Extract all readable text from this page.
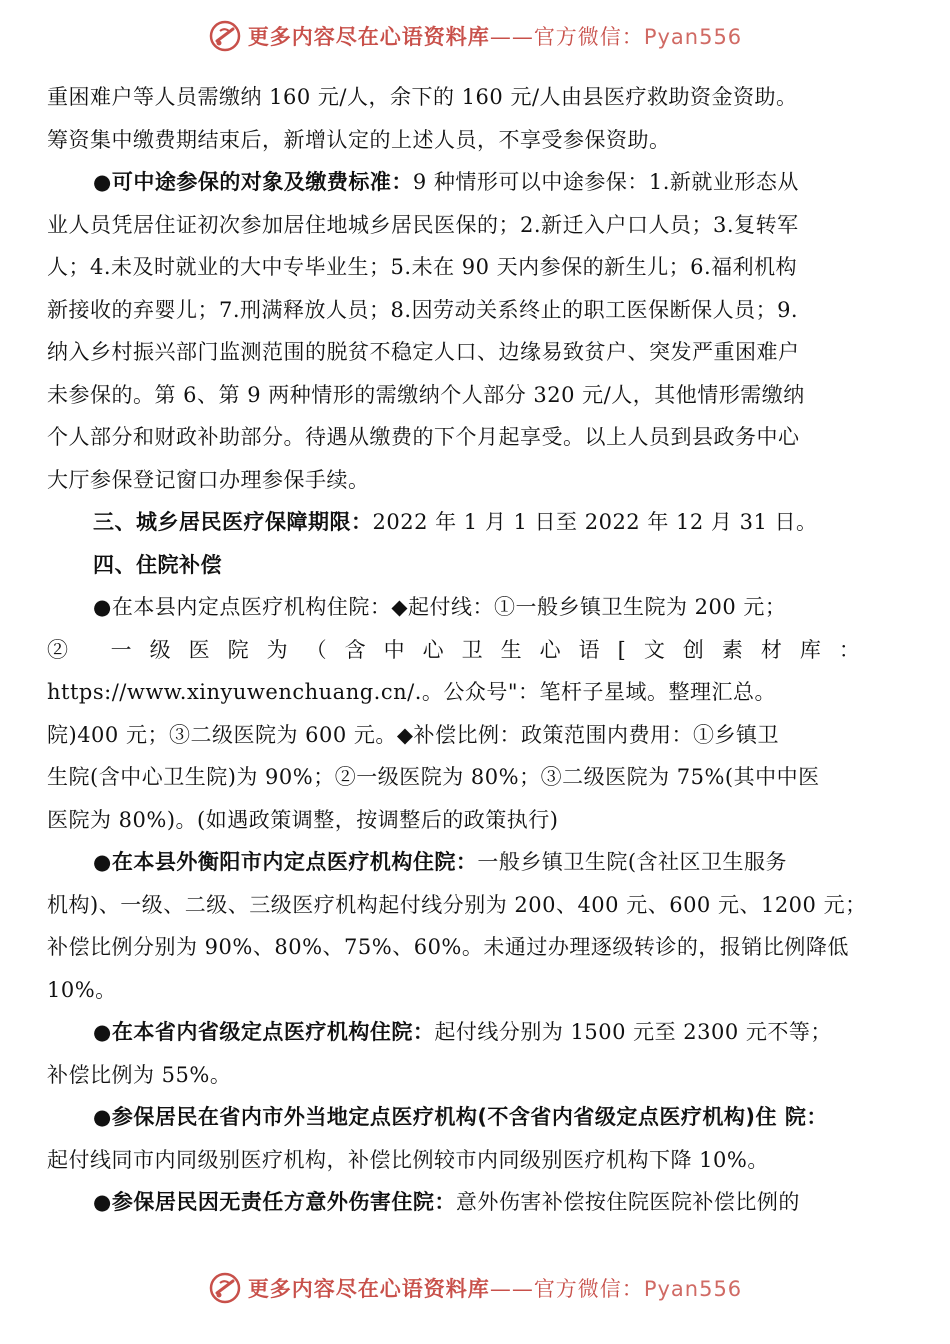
更多内容尽在心语资料库——官方微信：Pyan556
重困难户等人员需缴纳 160 元/人，余下的 160 元/人由县医疗救助资金资助。
筹资集中缴费期结束后，新增认定的上述人员，不享受参保资助。
●可中途参保的对象及缴费标准：9 种情形可以中途参保：1.新就业形态从
业人员凭居住证初次参加居住地城乡居民医保的；2.新迁入户口人员；3.复转军
人；4.未及时就业的大中专毕业生；5.未在 90 天内参保的新生儿；6.福利机构
新接收的弃婴儿；7.刑满释放人员；8.因劳动关系终止的职工医保断保人员；9.
纳入乡村振兴部门监测范围的脱贫不稳定人口、边缘易致贫户、突发严重困难户
未参保的。第 6、第 9 两种情形的需缴纳个人部分 320 元/人，其他情形需缴纳
个人部分和财政补助部分。待遇从缴费的下个月起享受。以上人员到县政务中心
大厅参保登记窗口办理参保手续。
三、城乡居民医疗保障期限：2022 年 1 月 1 日至 2022 年 12 月 31 日。
四、住院补偿
●在本县内定点医疗机构住院：◆起付线：①一般乡镇卫生院为 200 元；
② 一级医院为（含中心卫生心语[文创素材库：
https://www.xinyuwenchuang.cn/.。公众号"：笔杆子星域。整理汇总。
院)400 元；③二级医院为 600 元。◆补偿比例：政策范围内费用：①乡镇卫
生院(含中心卫生院)为 90%；②一级医院为 80%；③二级医院为 75%(其中中医
医院为 80%)。(如遇政策调整，按调整后的政策执行)
●在本县外衡阳市内定点医疗机构住院：一般乡镇卫生院(含社区卫生服务
机构)、一级、二级、三级医疗机构起付线分别为 200、400 元、600 元、1200 元；
补偿比例分别为 90%、80%、75%、60%。未通过办理逐级转诊的，报销比例降低
10%。
●在本省内省级定点医疗机构住院：起付线分别为 1500 元至 2300 元不等；
补偿比例为 55%。
●参保居民在省内市外当地定点医疗机构(不含省内省级定点医疗机构)住 院：
起付线同市内同级别医疗机构，补偿比例较市内同级别医疗机构下降 10%。
●参保居民因无责任方意外伤害住院：意外伤害补偿按住院医院补偿比例的
更多内容尽在心语资料库——官方微信：Pyan556
